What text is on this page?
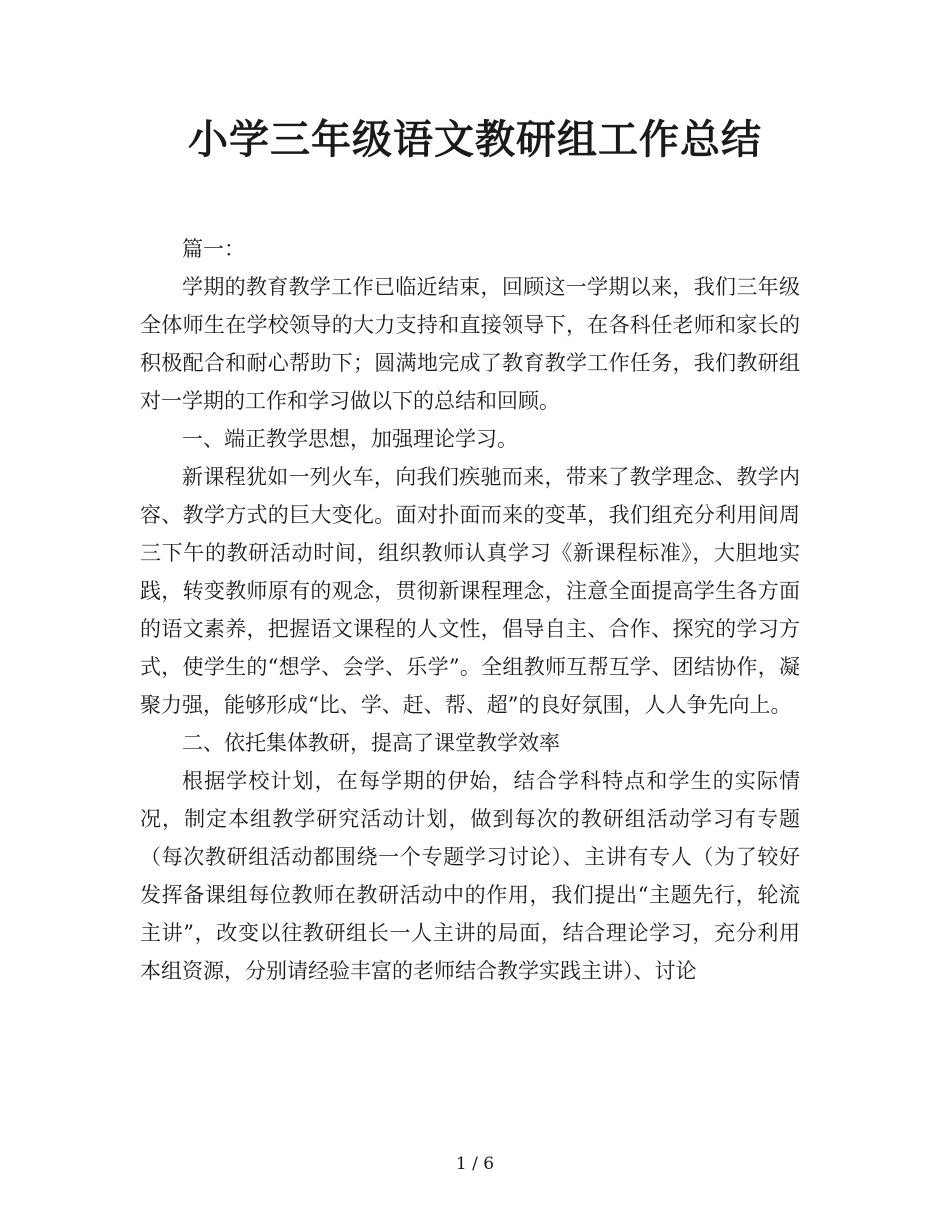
小学三年级语文教研组工作总结

篇一：

学期的教育教学工作已临近结束，回顾这一学期以来，我们三年级全体师生在学校领导的大力支持和直接领导下，在各科任老师和家长的积极配合和耐心帮助下；圆满地完成了教育教学工作任务，我们教研组对一学期的工作和学习做以下的总结和回顾。

一、端正教学思想，加强理论学习。

新课程犹如一列火车，向我们疾驰而来，带来了教学理念、教学内容、教学方式的巨大变化。面对扑面而来的变革，我们组充分利用间周三下午的教研活动时间，组织教师认真学习《新课程标准》，大胆地实践，转变教师原有的观念，贯彻新课程理念，注意全面提高学生各方面的语文素养，把握语文课程的人文性，倡导自主、合作、探究的学习方式，使学生的“想学、会学、乐学”。全组教师互帮互学、团结协作，凝聚力强，能够形成“比、学、赶、帮、超”的良好氛围，人人争先向上。

二、依托集体教研，提高了课堂教学效率

根据学校计划，在每学期的伊始，结合学科特点和学生的实际情况，制定本组教学研究活动计划，做到每次的教研组活动学习有专题（每次教研组活动都围绕一个专题学习讨论）、主讲有专人（为了较好发挥备课组每位教师在教研活动中的作用，我们提出“主题先行，轮流主讲”，改变以往教研组长一人主讲的局面，结合理论学习，充分利用本组资源，分别请经验丰富的老师结合教学实践主讲）、讨论

1 / 6
